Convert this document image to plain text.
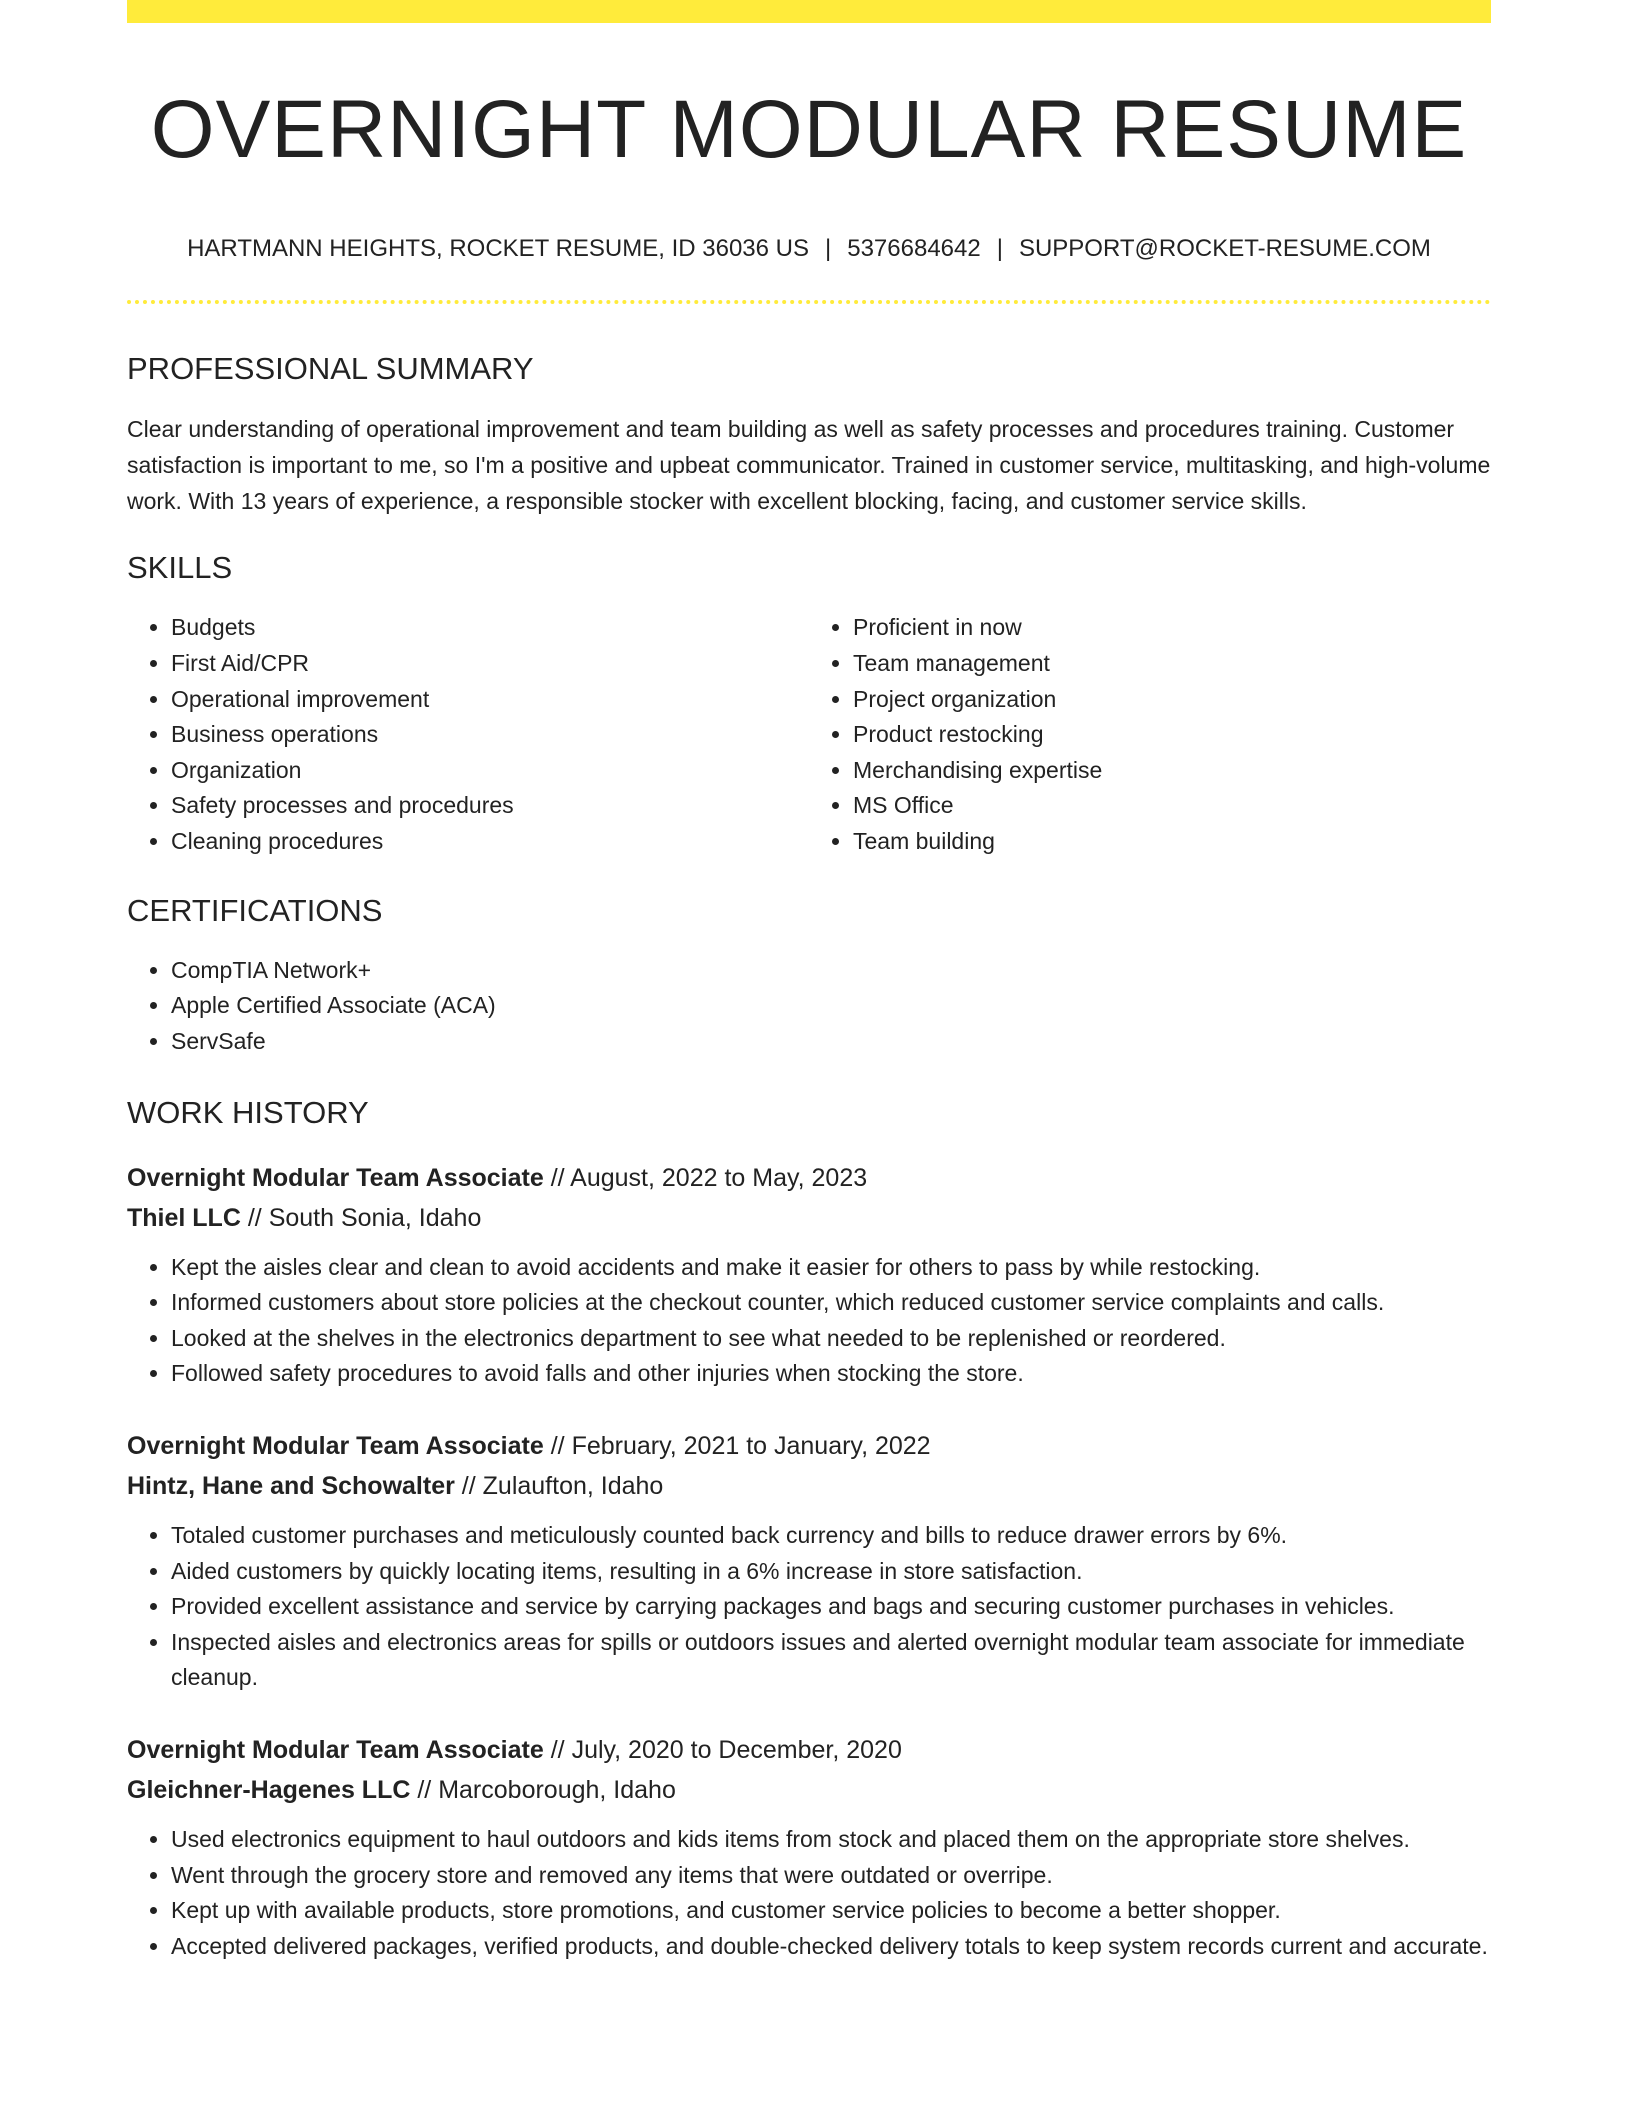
OVERNIGHT MODULAR RESUME
HARTMANN HEIGHTS, ROCKET RESUME, ID 36036 US | 5376684642 | SUPPORT@ROCKET-RESUME.COM
PROFESSIONAL SUMMARY

Clear understanding of operational improvement and team building as well as safety processes and procedures training. Customer satisfaction is important to me, so I'm a positive and upbeat communicator. Trained in customer service, multitasking, and high-volume work. With 13 years of experience, a responsible stocker with excellent blocking, facing, and customer service skills.

SKILLS
• Budgets
• First Aid/CPR
• Operational improvement
• Business operations
• Organization
• Safety processes and procedures
• Cleaning procedures
• Proficient in now
• Team management
• Project organization
• Product restocking
• Merchandising expertise
• MS Office
• Team building
CERTIFICATIONS
• CompTIA Network+
• Apple Certified Associate (ACA)
• ServSafe
WORK HISTORY
Overnight Modular Team Associate // August, 2022 to May, 2023
Thiel LLC // South Sonia, Idaho
• Kept the aisles clear and clean to avoid accidents and make it easier for others to pass by while restocking.
• Informed customers about store policies at the checkout counter, which reduced customer service complaints and calls.
• Looked at the shelves in the electronics department to see what needed to be replenished or reordered.
• Followed safety procedures to avoid falls and other injuries when stocking the store.
Overnight Modular Team Associate // February, 2021 to January, 2022
Hintz, Hane and Schowalter // Zulaufton, Idaho
• Totaled customer purchases and meticulously counted back currency and bills to reduce drawer errors by 6%.
• Aided customers by quickly locating items, resulting in a 6% increase in store satisfaction.
• Provided excellent assistance and service by carrying packages and bags and securing customer purchases in vehicles.
• Inspected aisles and electronics areas for spills or outdoors issues and alerted overnight modular team associate for immediate cleanup.
Overnight Modular Team Associate // July, 2020 to December, 2020
Gleichner-Hagenes LLC // Marcoborough, Idaho
• Used electronics equipment to haul outdoors and kids items from stock and placed them on the appropriate store shelves.
• Went through the grocery store and removed any items that were outdated or overripe.
• Kept up with available products, store promotions, and customer service policies to become a better shopper.
• Accepted delivered packages, verified products, and double-checked delivery totals to keep system records current and accurate.
